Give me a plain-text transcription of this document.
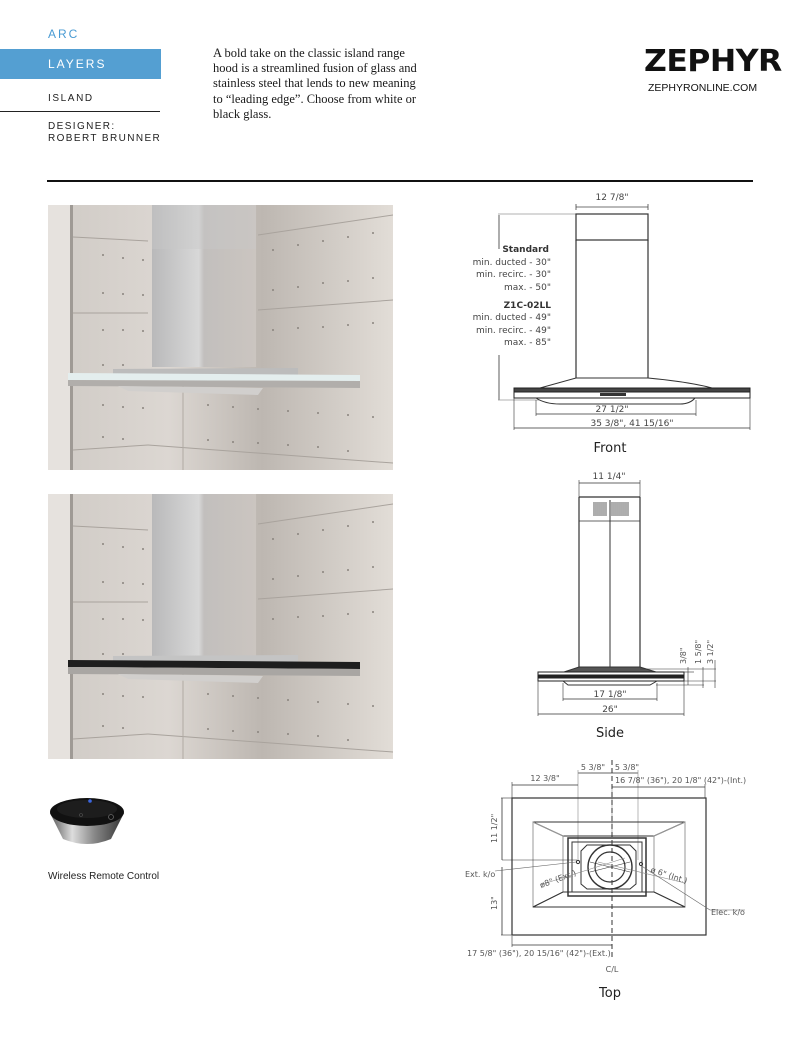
ARC
LAYERS
ISLAND
DESIGNER:
ROBERT BRUNNER
A bold take on the classic island range hood is a streamlined fusion of glass and stainless steel that lends to new meaning to “leading edge”. Choose from white or black glass.
ZEPHYR
ZEPHYRONLINE.COM
Wireless Remote Control
12 7/8"
Standard
min. ducted - 30"
min. recirc. - 30"
max. - 50"
Z1C-02LL
min. ducted - 49"
min. recirc. - 49"
max. - 85"
27 1/2"
35 3/8", 41 15/16"
Front
11 1/4"
3/8" 1 5/8" 3 1/2"
17 1/8"
26"
Side
5 3/8" 5 3/8"
12 3/8"	16 7/8" (36"), 20 1/8" (42")-(Int.)
11 1/2"
13"
Ext. k/o	ø8" (Ext.)	ø 6" (Int.)
Elec. k/o
17 5/8" (36"), 20 15/16" (42")-(Ext.)
C/L
Top
